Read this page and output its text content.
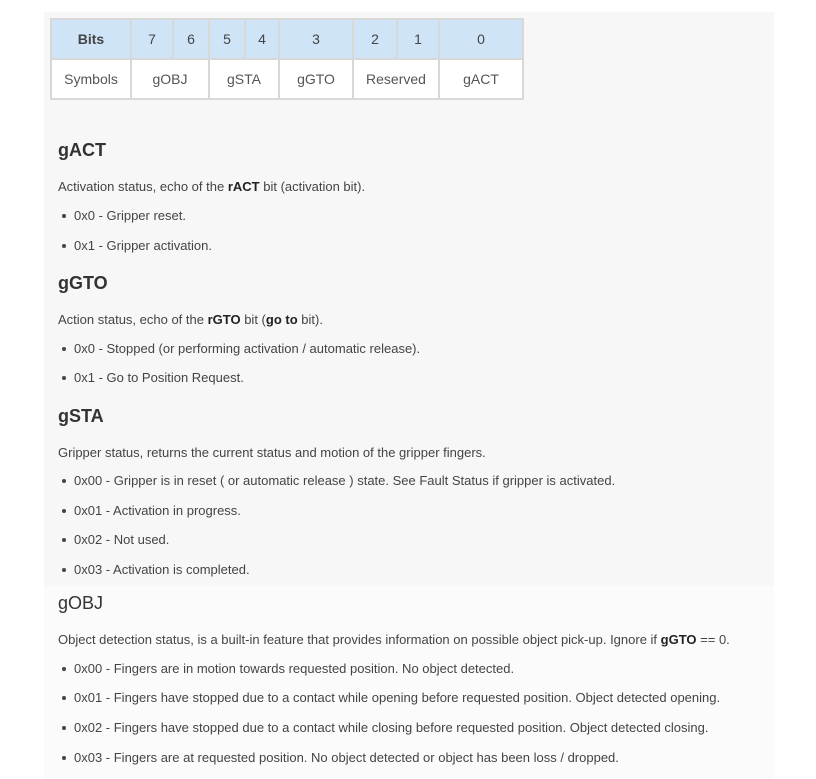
Bits	7	6	5	4	3	2	1	0
Symbols	gOBJ		gSTA		gGTO	Reserved		gACT
gACT

Activation status, echo of the rACT bit (activation bit).

0x0 - Gripper reset.
0x1 - Gripper activation.
gGTO

Action status, echo of the rGTO bit (go to bit).

0x0 - Stopped (or performing activation / automatic release).
0x1 - Go to Position Request.
gSTA

Gripper status, returns the current status and motion of the gripper fingers.

0x00 - Gripper is in reset ( or automatic release ) state. See Fault Status if gripper is activated.
0x01 - Activation in progress.
0x02 - Not used.
0x03 - Activation is completed.
gOBJ

Object detection status, is a built-in feature that provides information on possible object pick-up. Ignore if gGTO == 0.

0x00 - Fingers are in motion towards requested position. No object detected.
0x01 - Fingers have stopped due to a contact while opening before requested position. Object detected opening.
0x02 - Fingers have stopped due to a contact while closing before requested position. Object detected closing.
0x03 - Fingers are at requested position. No object detected or object has been loss / dropped.
